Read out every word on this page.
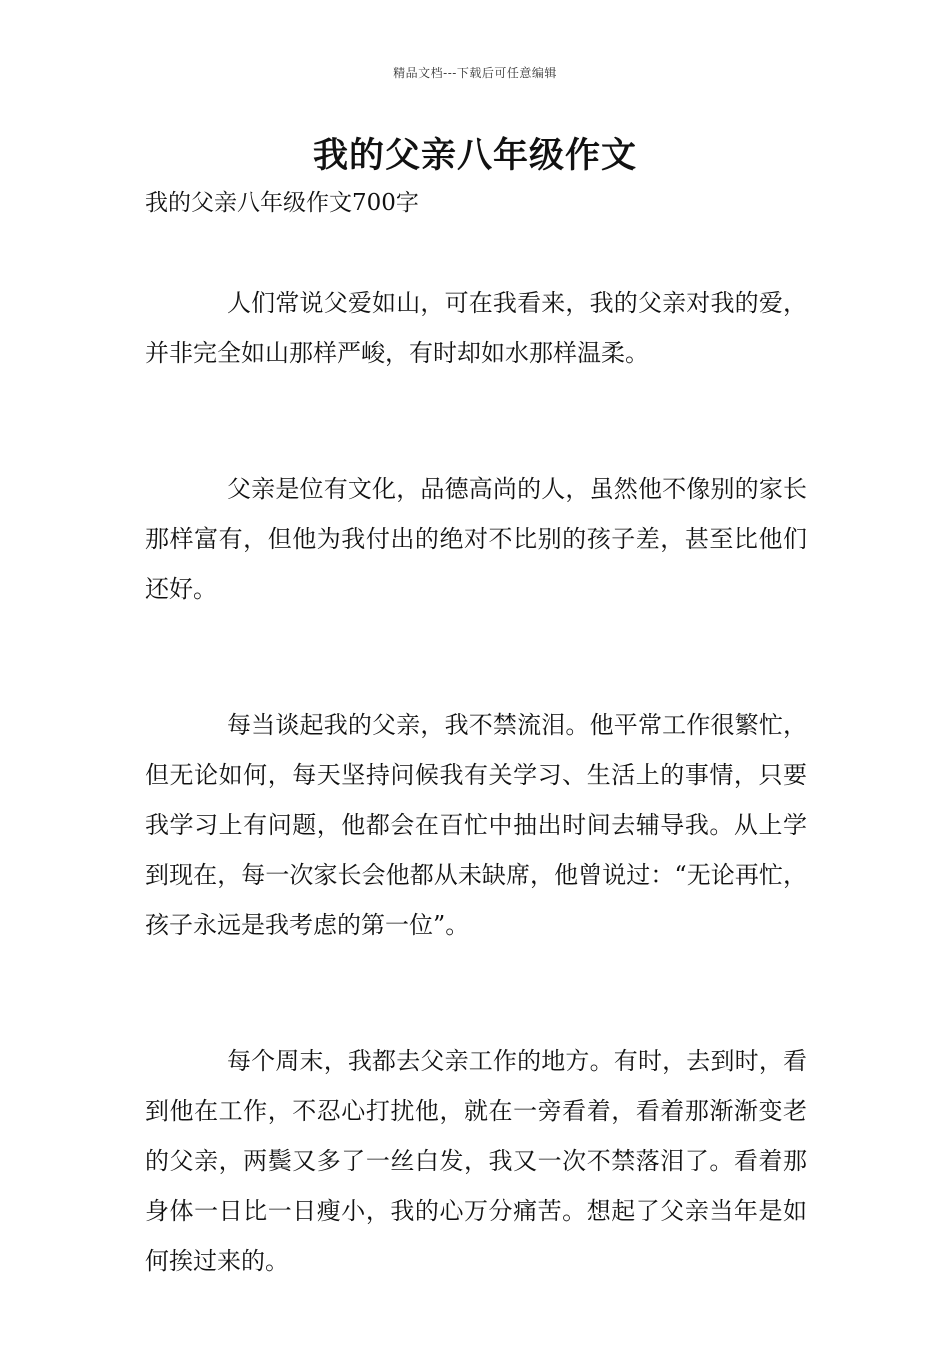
精品文档---下载后可任意编辑
我的父亲八年级作文

我的父亲八年级作文700字

人们常说父爱如山，可在我看来，我的父亲对我的爱，并非完全如山那样严峻，有时却如水那样温柔。

父亲是位有文化，品德高尚的人，虽然他不像别的家长那样富有，但他为我付出的绝对不比别的孩子差，甚至比他们还好。

每当谈起我的父亲，我不禁流泪。他平常工作很繁忙，但无论如何，每天坚持问候我有关学习、生活上的事情，只要我学习上有问题，他都会在百忙中抽出时间去辅导我。从上学到现在，每一次家长会他都从未缺席，他曾说过：“无论再忙，孩子永远是我考虑的第一位”。

每个周末，我都去父亲工作的地方。有时，去到时，看到他在工作，不忍心打扰他，就在一旁看着，看着那渐渐变老的父亲，两鬓又多了一丝白发，我又一次不禁落泪了。看着那身体一日比一日瘦小，我的心万分痛苦。想起了父亲当年是如何挨过来的。
